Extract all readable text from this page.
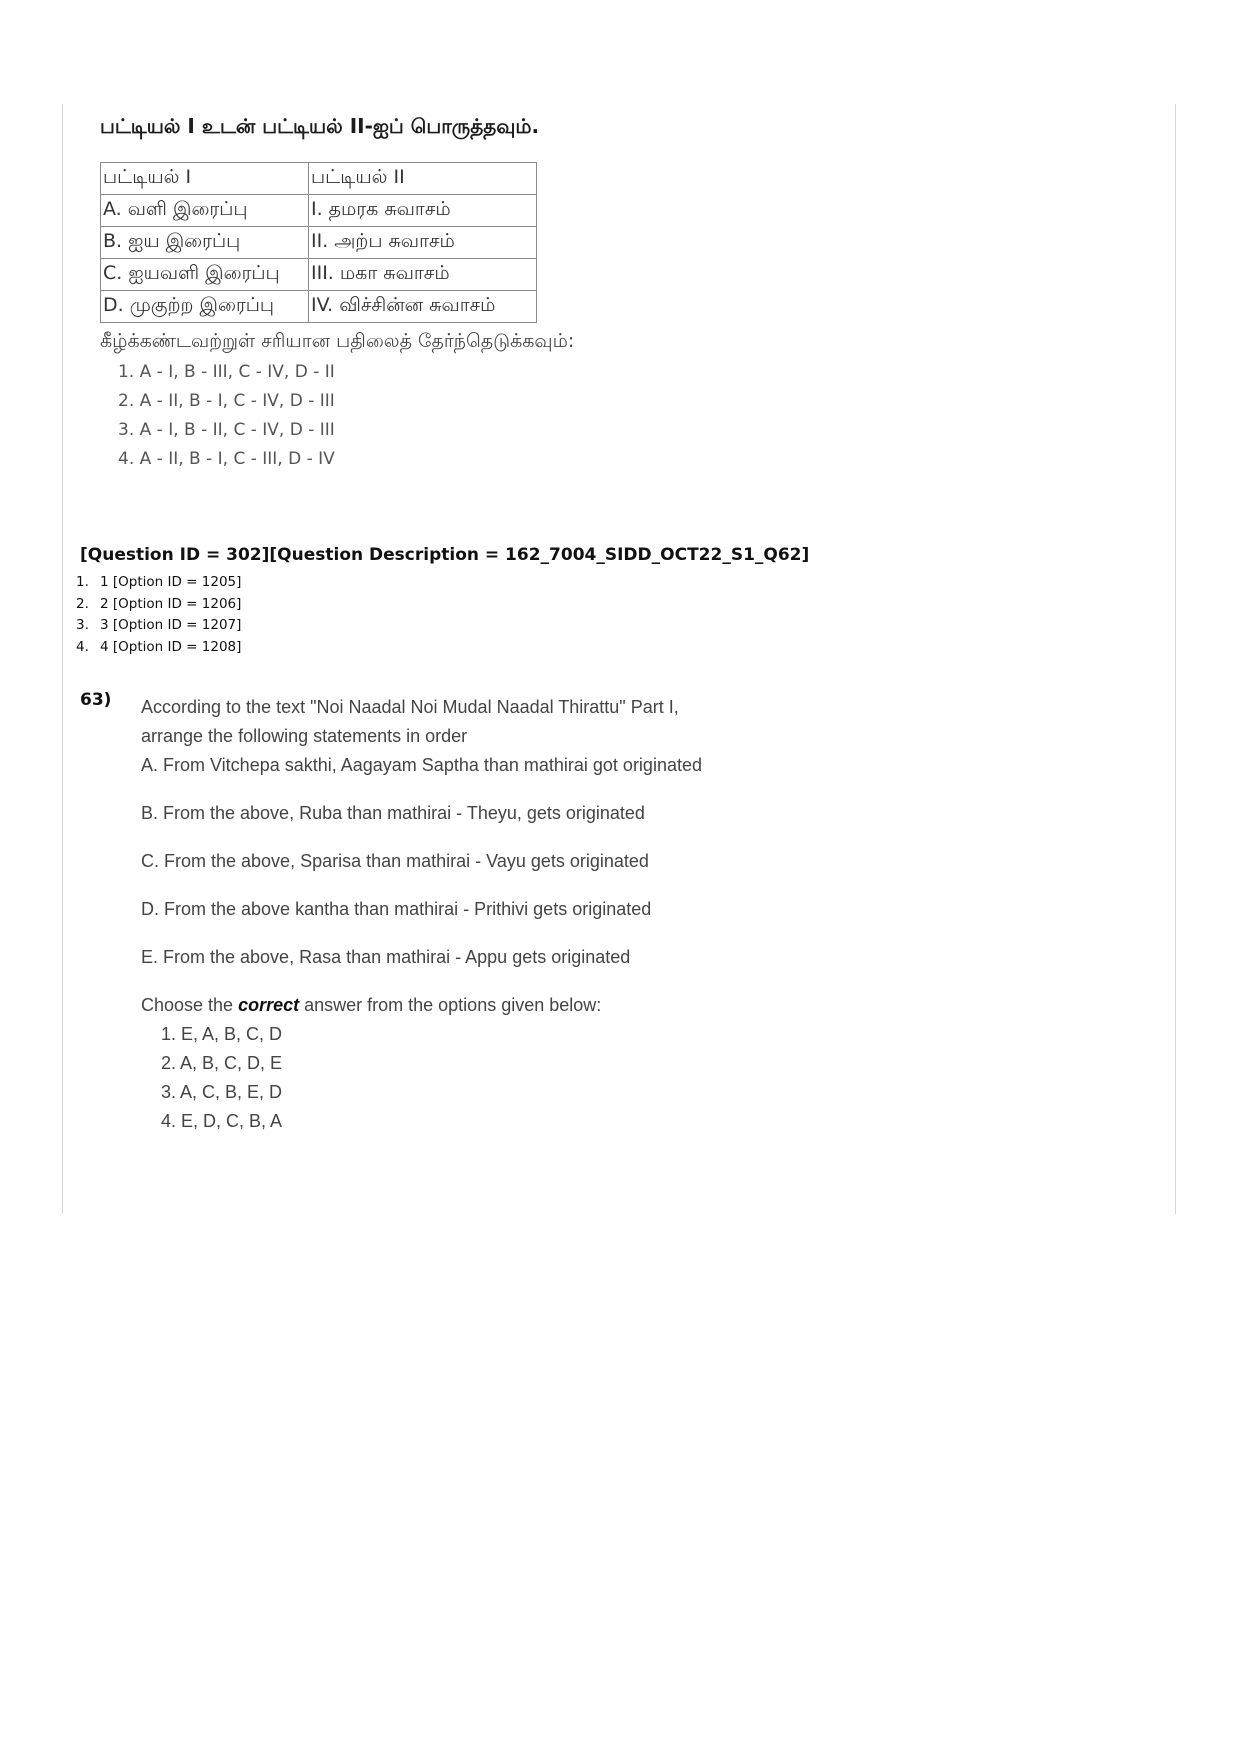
பட்டியல் I உடன் பட்டியல் II-ஐப் பொருத்தவும்.
பட்டியல் I	பட்டியல் II
A. வளி இரைப்பு	I. தமரக சுவாசம்
B. ஐய இரைப்பு	II. அற்ப சுவாசம்
C. ஐயவளி இரைப்பு	III. மகா சுவாசம்
D. முகுற்ற இரைப்பு	IV. விச்சின்ன சுவாசம்
கீழ்க்கண்டவற்றுள் சரியான பதிலைத் தேர்ந்தெடுக்கவும்:
1. A - I, B - III, C - IV, D - II
2. A - II, B - I, C - IV, D - III
3. A - I, B - II, C - IV, D - III
4. A - II, B - I, C - III, D - IV
[Question ID = 302][Question Description = 162_7004_SIDD_OCT22_S1_Q62]
1. 1 [Option ID = 1205]
2. 2 [Option ID = 1206]
3. 3 [Option ID = 1207]
4. 4 [Option ID = 1208]
63) According to the text "Noi Naadal Noi Mudal Naadal Thirattu" Part I,
arrange the following statements in order
A. From Vitchepa sakthi, Aagayam Saptha than mathirai got originated
B. From the above, Ruba than mathirai - Theyu, gets originated
C. From the above, Sparisa than mathirai - Vayu gets originated
D. From the above kantha than mathirai - Prithivi gets originated
E. From the above, Rasa than mathirai - Appu gets originated
Choose the correct answer from the options given below:
1. E, A, B, C, D
2. A, B, C, D, E
3. A, C, B, E, D
4. E, D, C, B, A
